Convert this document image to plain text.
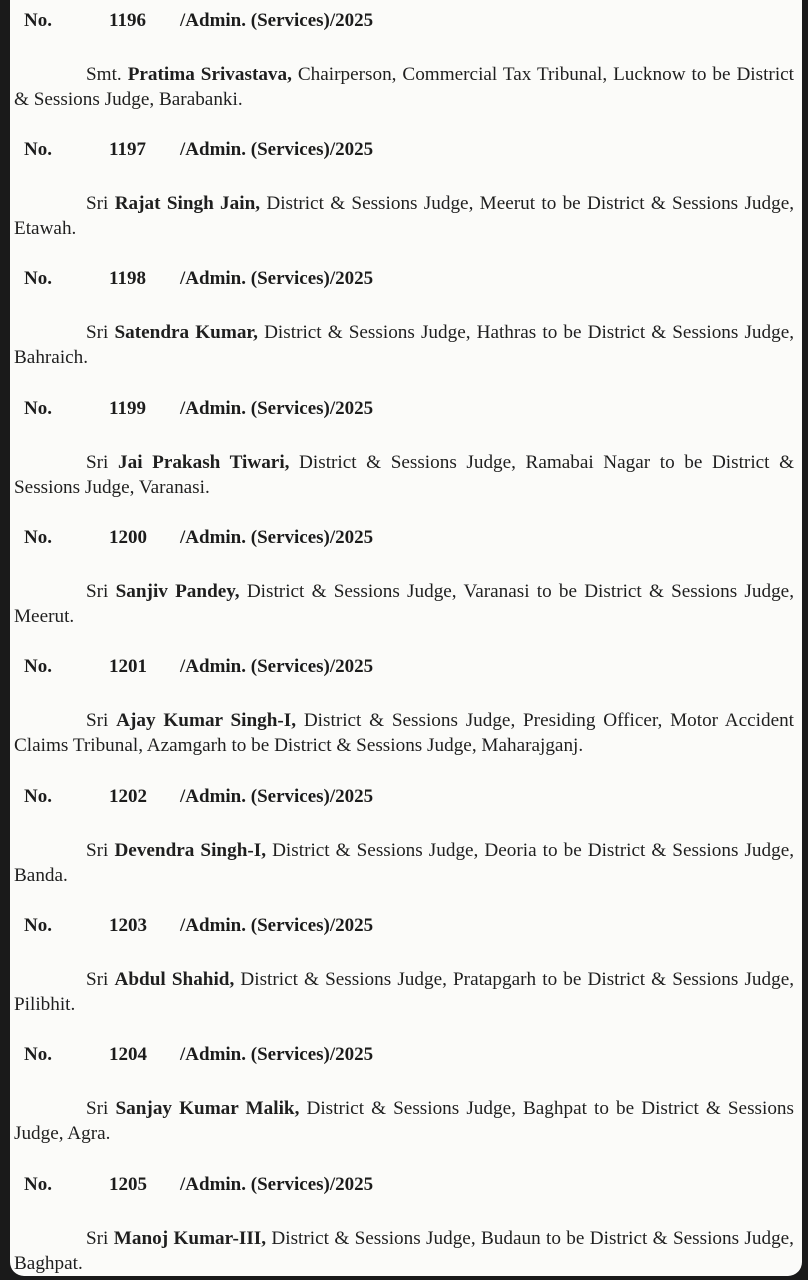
No.	1196 /Admin. (Services)/2025

Smt. Pratima Srivastava, Chairperson, Commercial Tax Tribunal, Lucknow to be District & Sessions Judge, Barabanki.

No.	1197 /Admin. (Services)/2025

Sri Rajat Singh Jain, District & Sessions Judge, Meerut to be District & Sessions Judge, Etawah.

No.	1198 /Admin. (Services)/2025

Sri Satendra Kumar, District & Sessions Judge, Hathras to be District & Sessions Judge, Bahraich.

No.	1199 /Admin. (Services)/2025

Sri Jai Prakash Tiwari, District & Sessions Judge, Ramabai Nagar to be District & Sessions Judge, Varanasi.

No.	1200 /Admin. (Services)/2025

Sri Sanjiv Pandey, District & Sessions Judge, Varanasi to be District & Sessions Judge, Meerut.

No.	1201 /Admin. (Services)/2025

Sri Ajay Kumar Singh-I, District & Sessions Judge, Presiding Officer, Motor Accident Claims Tribunal, Azamgarh to be District & Sessions Judge, Maharajganj.

No.	1202 /Admin. (Services)/2025

Sri Devendra Singh-I, District & Sessions Judge, Deoria to be District & Sessions Judge, Banda.

No.	1203 /Admin. (Services)/2025

Sri Abdul Shahid, District & Sessions Judge, Pratapgarh to be District & Sessions Judge, Pilibhit.

No.	1204 /Admin. (Services)/2025

Sri Sanjay Kumar Malik, District & Sessions Judge, Baghpat to be District & Sessions Judge, Agra.

No.	1205 /Admin. (Services)/2025

Sri Manoj Kumar-III, District & Sessions Judge, Budaun to be District & Sessions Judge, Baghpat.
